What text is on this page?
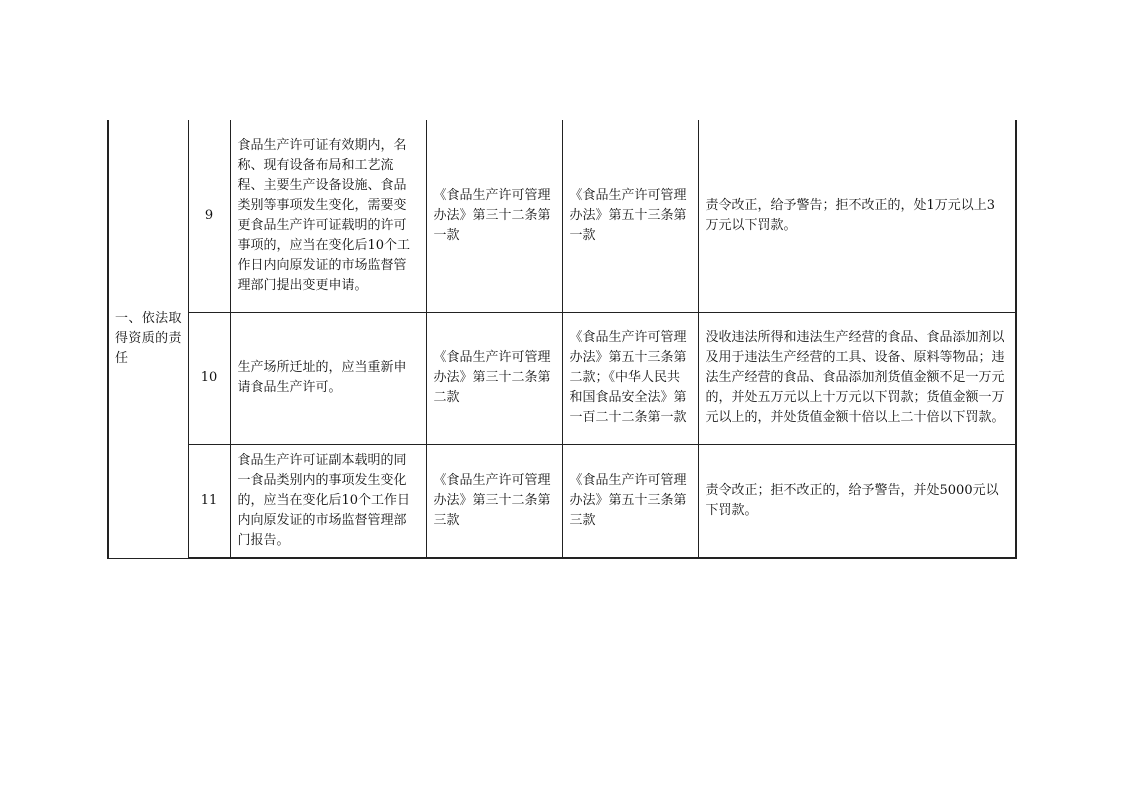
一、依法取得资质的责任	9	食品生产许可证有效期内，名称、现有设备布局和工艺流程、主要生产设备设施、食品类别等事项发生变化，需要变更食品生产许可证载明的许可事项的，应当在变化后10个工作日内向原发证的市场监督管理部门提出变更申请。	《食品生产许可管理办法》第三十二条第一款	《食品生产许可管理办法》第五十三条第一款	责令改正，给予警告；拒不改正的，处1万元以上3万元以下罚款。

	10	生产场所迁址的，应当重新申请食品生产许可。	《食品生产许可管理办法》第三十二条第二款	《食品生产许可管理办法》第五十三条第二款；《中华人民共和国食品安全法》第一百二十二条第一款	没收违法所得和违法生产经营的食品、食品添加剂以及用于违法生产经营的工具、设备、原料等物品；违法生产经营的食品、食品添加剂货值金额不足一万元的，并处五万元以上十万元以下罚款；货值金额一万元以上的，并处货值金额十倍以上二十倍以下罚款。

	11	食品生产许可证副本载明的同一食品类别内的事项发生变化的，应当在变化后10个工作日内向原发证的市场监督管理部门报告。	《食品生产许可管理办法》第三十二条第三款	《食品生产许可管理办法》第五十三条第三款	责令改正；拒不改正的，给予警告，并处5000元以下罚款。
